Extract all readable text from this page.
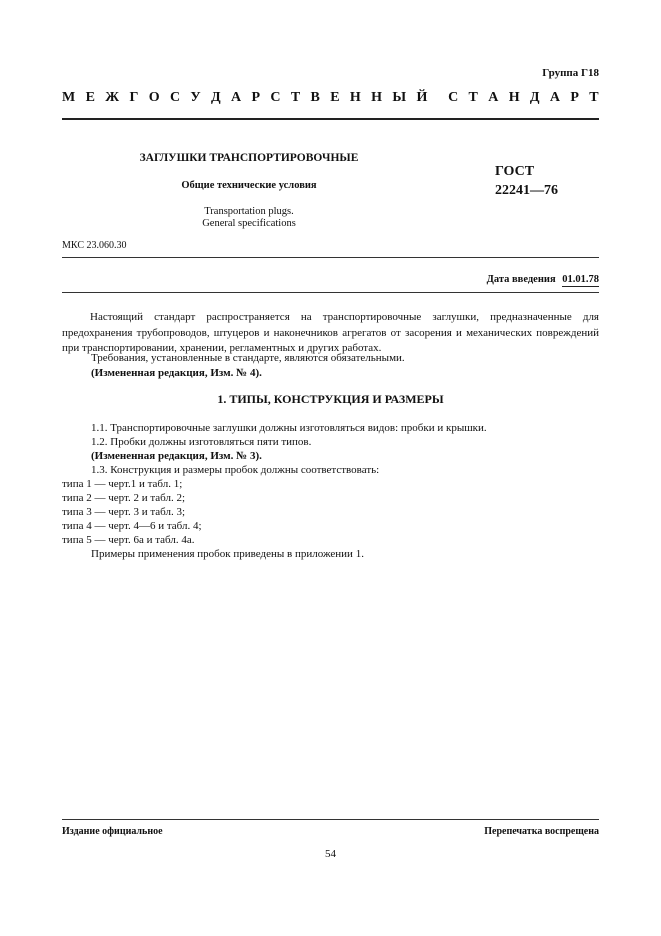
Группа Г18
М Е Ж Г О С У Д А Р С Т В Е Н Н Ы Й С Т А Н Д А Р Т
ЗАГЛУШКИ ТРАНСПОРТИРОВОЧНЫЕ
Общие технические условия
Transportation plugs.
General specifications
ГОСТ
22241—76
МКС 23.060.30
Дата введения 01.01.78
Настоящий стандарт распространяется на транспортировочные заглушки, предназначенные для предохранения трубопроводов, штуцеров и наконечников агрегатов от засорения и механических повреждений при транспортировании, хранении, регламентных и других работах.
Требования, установленные в стандарте, являются обязательными.
(Измененная редакция, Изм. № 4).
1. ТИПЫ, КОНСТРУКЦИЯ И РАЗМЕРЫ
1.1. Транспортировочные заглушки должны изготовляться видов: пробки и крышки.
1.2. Пробки должны изготовляться пяти типов.
(Измененная редакция, Изм. № 3).
1.3. Конструкция и размеры пробок должны соответствовать:
типа 1 — черт.1 и табл. 1;
типа 2 — черт. 2 и табл. 2;
типа 3 — черт. 3 и табл. 3;
типа 4 — черт. 4—6 и табл. 4;
типа 5 — черт. 6а и табл. 4а.
Примеры применения пробок приведены в приложении 1.
Издание официальное	Перепечатка воспрещена
54
